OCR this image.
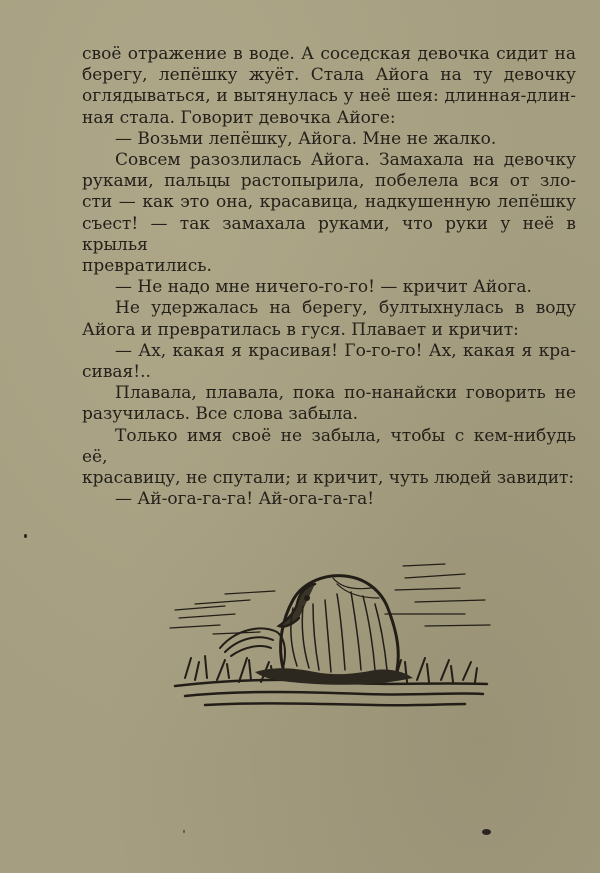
своё отражение в воде. А соседская девочка сидит на

берегу, лепёшку жуёт. Стала Айога на ту девочку

оглядываться, и вытянулась у неё шея: длинная-длин-

ная стала. Говорит девочка Айоге:

— Возьми лепёшку, Айога. Мне не жалко.

Совсем разозлилась Айога. Замахала на девочку

руками, пальцы растопырила, побелела вся от зло-

сти — как это она, красавица, надкушенную лепёшку

съест! — так замахала руками, что руки у неё в крылья

превратились.

— Не надо мне ничего-го-го! — кричит Айога.

Не удержалась на берегу, бултыхнулась в воду

Айога и превратилась в гуся. Плавает и кричит:

— Ах, какая я красивая! Го-го-го! Ах, какая я кра-

сивая!..

Плавала, плавала, пока по-нанайски говорить не

разучилась. Все слова забыла.

Только имя своё не забыла, чтобы с кем-нибудь её,

красавицу, не спутали; и кричит, чуть людей завидит:

— Ай-ога-га-га! Ай-ога-га-га!
